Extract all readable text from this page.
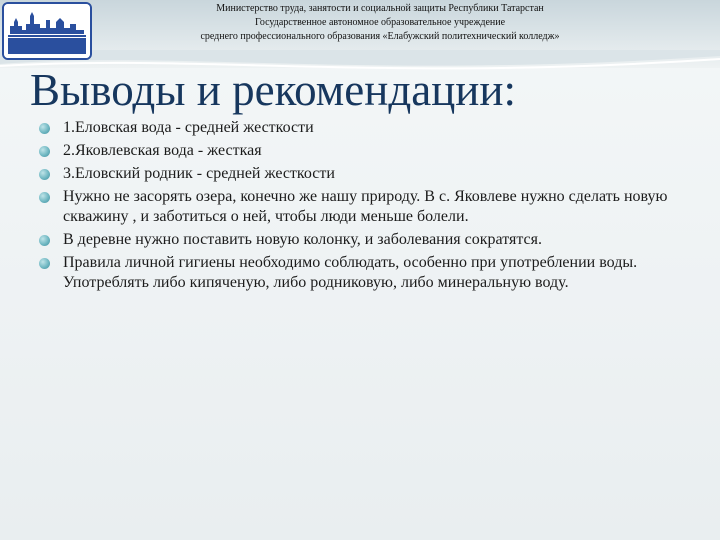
Министерство труда, занятости и социальной защиты Республики Татарстан
Государственное автономное образовательное учреждение
среднего профессионального образования «Елабужский политехнический колледж»
Выводы и рекомендации:
1.Еловская вода - средней жесткости
2.Яковлевская вода - жесткая
3.Еловский родник - средней жесткости
Нужно не засорять озера, конечно же нашу природу. В с. Яковлеве нужно сделать новую скважину , и заботиться о ней, чтобы люди меньше болели.
В деревне нужно поставить новую колонку, и заболевания сократятся.
Правила личной гигиены необходимо соблюдать, особенно при употреблении воды. Употреблять либо кипяченую, либо родниковую, либо минеральную воду.
